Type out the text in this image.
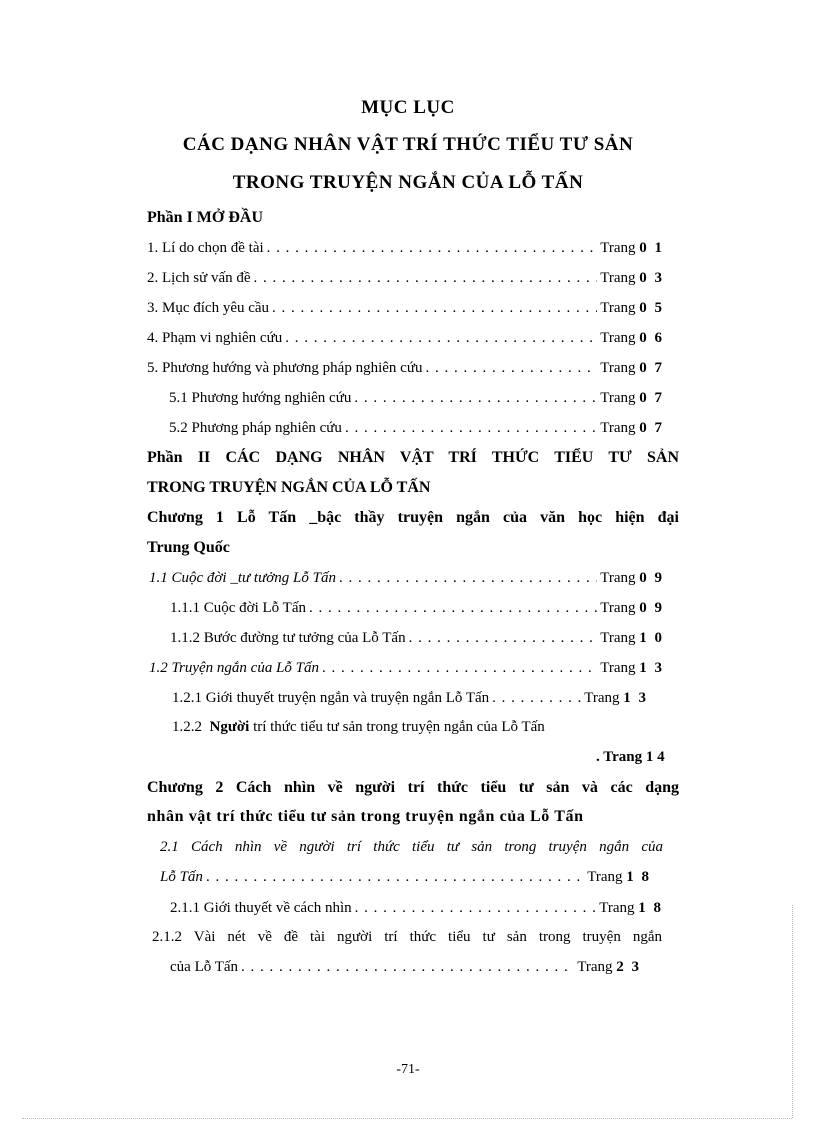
MỤC LỤC
CÁC DẠNG NHÂN VẬT TRÍ THỨC TIỂU TƯ SẢN
TRONG TRUYỆN NGẮN CỦA LỖ TẤN
Phần I MỞ ĐẦU
1. Lí do chọn đề tài . . .	Trang 0 1
2. Lịch sử vấn đề . . .	Trang 0 3
3. Mục đích yêu cầu . . .	Trang 0 5
4. Phạm vi nghiên cứu . . .	Trang 0 6
5. Phương hướng và phương pháp nghiên cứu . . .	Trang 0 7
5.1 Phương hướng nghiên cứu . . .	Trang 0 7
5.2 Phương pháp nghiên cứu . . .	Trang 0 7
Phần II CÁC DẠNG NHÂN VẬT TRÍ THỨC TIỂU TƯ SẢN
TRONG TRUYỆN NGẮN CỦA LỖ TẤN
Chương 1 Lỗ Tấn _bậc thầy truyện ngắn của văn học hiện đại
Trung Quốc
1.1 Cuộc đời _tư tưởng Lỗ Tấn . . .	Trang 0 9
1.1.1 Cuộc đời Lỗ Tấn . . .	Trang 0 9
1.1.2 Bước đường tư tưởng của Lỗ Tấn . . .	Trang 1 0
1.2 Truyện ngắn của Lỗ Tấn . . .	Trang 1 3
1.2.1 Giới thuyết truyện ngắn và truyện ngắn Lỗ Tấn . . .	Trang 1 3
1.2.2 Người trí thức tiểu tư sản trong truyện ngắn của Lỗ Tấn
. Trang 1 4
Chương 2 Cách nhìn về người trí thức tiểu tư sản và các dạng
nhân vật trí thức tiểu tư sản trong truyện ngắn của Lỗ Tấn
2.1 Cách nhìn về người trí thức tiểu tư sản trong truyện ngắn của
Lỗ Tấn . . .	Trang 1 8
2.1.1 Giới thuyết về cách nhìn . . .	Trang 1 8
2.1.2 Vài nét về đề tài người trí thức tiểu tư sản trong truyện ngắn
của Lỗ Tấn . . .	Trang 2 3
-71-
